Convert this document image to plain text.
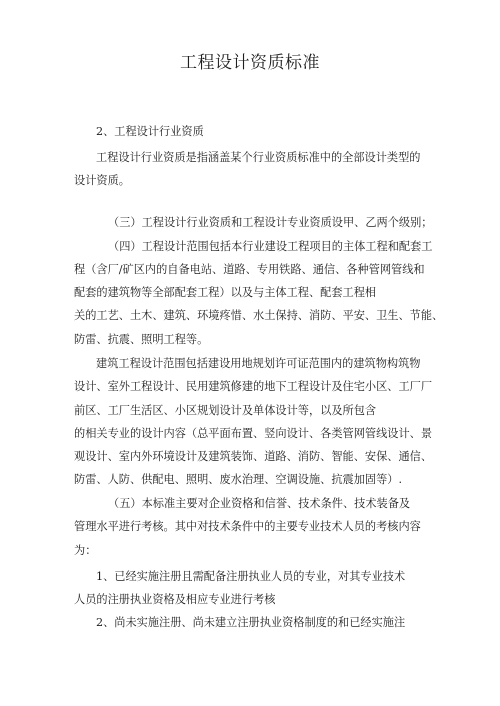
工程设计资质标准
2、工程设计行业资质
工程设计行业资质是指涵盖某个行业资质标准中的全部设计类型的
设计资质。
（三）工程设计行业资质和工程设计专业资质设甲、乙两个级别；
（四）工程设计范围包括本行业建设工程项目的主体工程和配套工
程（含厂/矿区内的自备电站、道路、专用铁路、通信、各种管网管线和
配套的建筑物等全部配套工程）以及与主体工程、配套工程相
关的工艺、土木、建筑、环境疼惜、水土保持、消防、平安、卫生、节能、
防雷、抗震、照明工程等。
建筑工程设计范围包括建设用地规划许可证范围内的建筑物构筑物
设计、室外工程设计、民用建筑修建的地下工程设计及住宅小区、工厂厂
前区、工厂生活区、小区规划设计及单体设计等，以及所包含
的相关专业的设计内容（总平面布置、竖向设计、各类管网管线设计、景
观设计、室内外环境设计及建筑装饰、道路、消防、智能、安保、通信、
防雷、人防、供配电、照明、废水治理、空调设施、抗震加固等）.
（五）本标准主要对企业资格和信誉、技术条件、技术装备及
管理水平进行考核。其中对技术条件中的主要专业技术人员的考核内容
为：
1、已经实施注册且需配备注册执业人员的专业，对其专业技术
人员的注册执业资格及相应专业进行考核
2、尚未实施注册、尚未建立注册执业资格制度的和已经实施注
